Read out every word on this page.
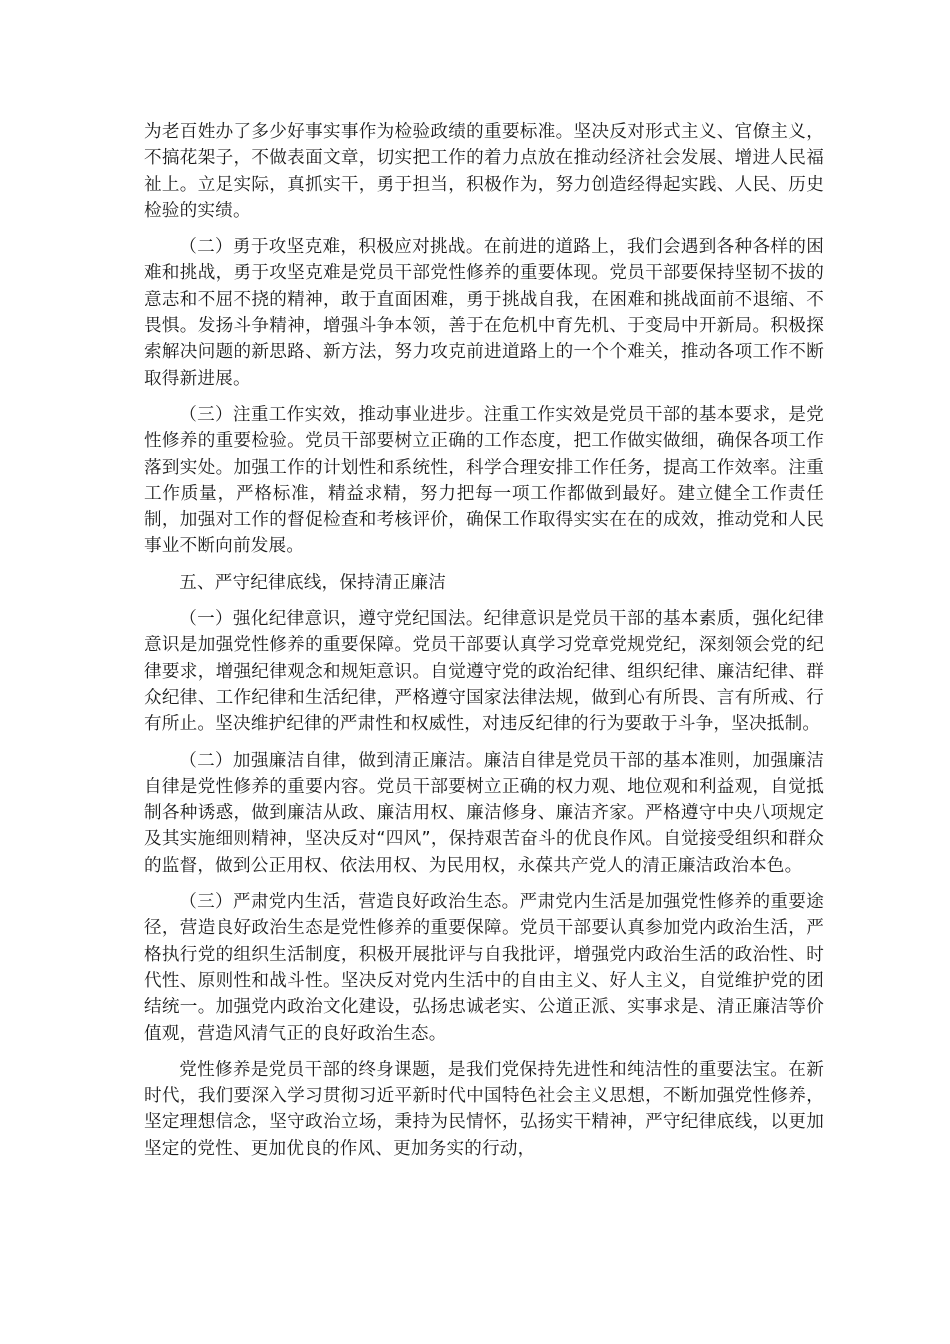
为老百姓办了多少好事实事作为检验政绩的重要标准。坚决反对形式主义、官僚主义，不搞花架子，不做表面文章，切实把工作的着力点放在推动经济社会发展、增进人民福祉上。立足实际，真抓实干，勇于担当，积极作为，努力创造经得起实践、人民、历史检验的实绩。

（二）勇于攻坚克难，积极应对挑战。在前进的道路上，我们会遇到各种各样的困难和挑战，勇于攻坚克难是党员干部党性修养的重要体现。党员干部要保持坚韧不拔的意志和不屈不挠的精神，敢于直面困难，勇于挑战自我，在困难和挑战面前不退缩、不畏惧。发扬斗争精神，增强斗争本领，善于在危机中育先机、于变局中开新局。积极探索解决问题的新思路、新方法，努力攻克前进道路上的一个个难关，推动各项工作不断取得新进展。

（三）注重工作实效，推动事业进步。注重工作实效是党员干部的基本要求，是党性修养的重要检验。党员干部要树立正确的工作态度，把工作做实做细，确保各项工作落到实处。加强工作的计划性和系统性，科学合理安排工作任务，提高工作效率。注重工作质量，严格标准，精益求精，努力把每一项工作都做到最好。建立健全工作责任制，加强对工作的督促检查和考核评价，确保工作取得实实在在的成效，推动党和人民事业不断向前发展。

五、严守纪律底线，保持清正廉洁

（一）强化纪律意识，遵守党纪国法。纪律意识是党员干部的基本素质，强化纪律意识是加强党性修养的重要保障。党员干部要认真学习党章党规党纪，深刻领会党的纪律要求，增强纪律观念和规矩意识。自觉遵守党的政治纪律、组织纪律、廉洁纪律、群众纪律、工作纪律和生活纪律，严格遵守国家法律法规，做到心有所畏、言有所戒、行有所止。坚决维护纪律的严肃性和权威性，对违反纪律的行为要敢于斗争，坚决抵制。

（二）加强廉洁自律，做到清正廉洁。廉洁自律是党员干部的基本准则，加强廉洁自律是党性修养的重要内容。党员干部要树立正确的权力观、地位观和利益观，自觉抵制各种诱惑，做到廉洁从政、廉洁用权、廉洁修身、廉洁齐家。严格遵守中央八项规定及其实施细则精神，坚决反对“四风”，保持艰苦奋斗的优良作风。自觉接受组织和群众的监督，做到公正用权、依法用权、为民用权，永葆共产党人的清正廉洁政治本色。

（三）严肃党内生活，营造良好政治生态。严肃党内生活是加强党性修养的重要途径，营造良好政治生态是党性修养的重要保障。党员干部要认真参加党内政治生活，严格执行党的组织生活制度，积极开展批评与自我批评，增强党内政治生活的政治性、时代性、原则性和战斗性。坚决反对党内生活中的自由主义、好人主义，自觉维护党的团结统一。加强党内政治文化建设，弘扬忠诚老实、公道正派、实事求是、清正廉洁等价值观，营造风清气正的良好政治生态。

党性修养是党员干部的终身课题，是我们党保持先进性和纯洁性的重要法宝。在新时代，我们要深入学习贯彻习近平新时代中国特色社会主义思想，不断加强党性修养，坚定理想信念，坚守政治立场，秉持为民情怀，弘扬实干精神，严守纪律底线，以更加坚定的党性、更加优良的作风、更加务实的行动，
